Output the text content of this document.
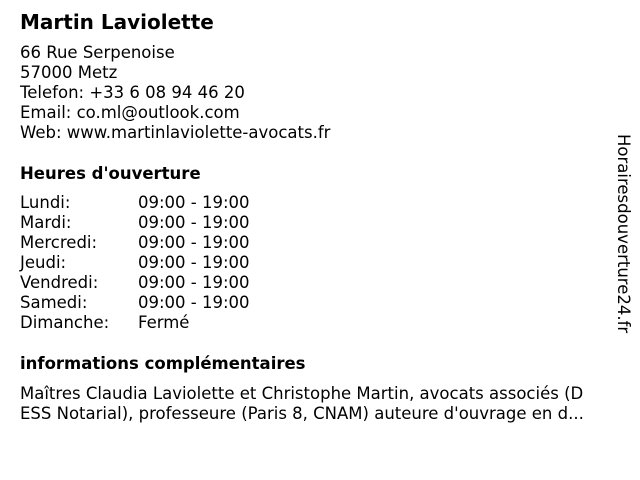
Martin Laviolette
66 Rue Serpenoise
57000 Metz
Telefon: +33 6 08 94 46 20
Email: co.ml@outlook.com
Web: www.martinlaviolette-avocats.fr
Heures d'ouverture
Lundi:	09:00 - 19:00
Mardi:	09:00 - 19:00
Mercredi: 09:00 - 19:00
Jeudi:	09:00 - 19:00
Vendredi: 09:00 - 19:00
Samedi:	09:00 - 19:00
Dimanche: Fermé
informations complémentaires
Maîtres Claudia Laviolette et Christophe Martin, avocats associés (D
ESS Notarial), professeure (Paris 8, CNAM) auteure d'ouvrage en d...
Horairesdouverture24.fr
